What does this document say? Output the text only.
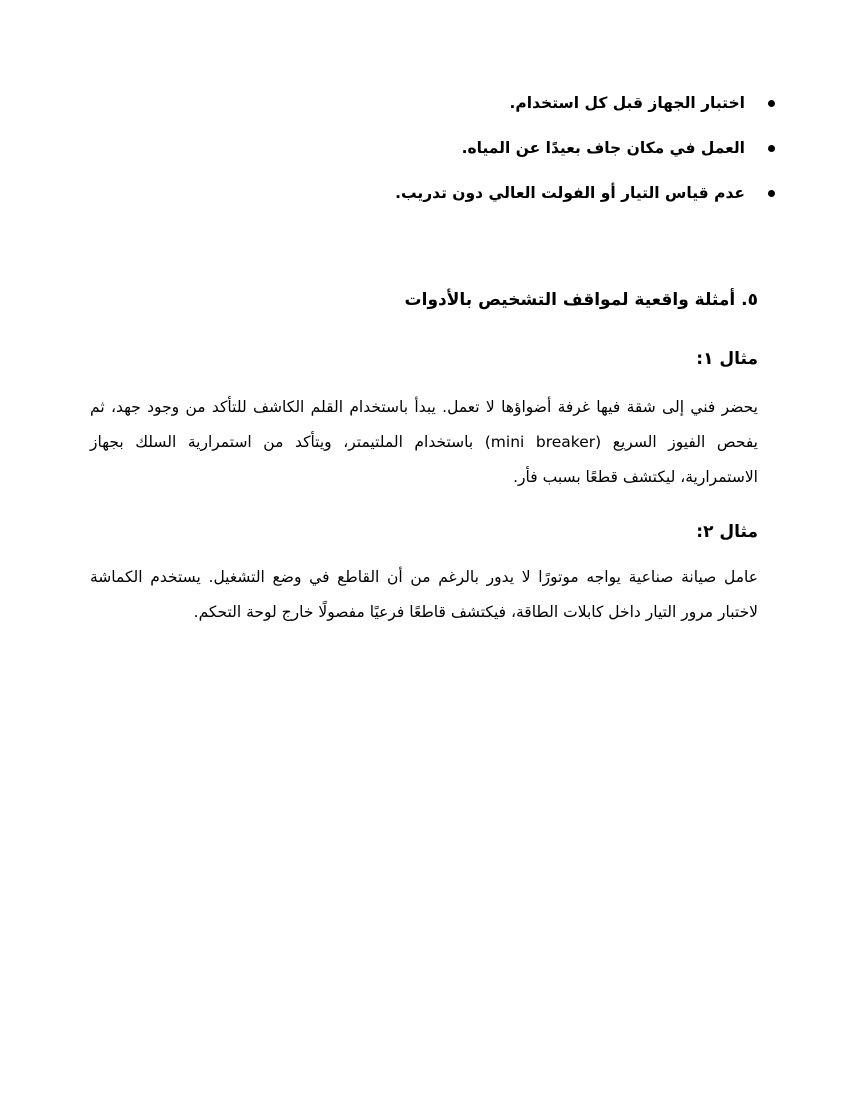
اختبار الجهاز قبل كل استخدام.
العمل في مكان جاف بعيدًا عن المياه.
عدم قياس التيار أو الفولت العالي دون تدريب.
٥. أمثلة واقعية لمواقف التشخيص بالأدوات
مثال ١:

يحضر فني إلى شقة فيها غرفة أضواؤها لا تعمل. يبدأ باستخدام القلم الكاشف للتأكد من وجود جهد، ثم يفحص الفيوز السريع (mini breaker) باستخدام الملتيمتر، ويتأكد من استمرارية السلك بجهاز الاستمرارية، ليكتشف قطعًا بسبب فأر.

مثال ٢:

عامل صيانة صناعية يواجه موتورًا لا يدور بالرغم من أن القاطع في وضع التشغيل. يستخدم الكماشة لاختبار مرور التيار داخل كابلات الطاقة، فيكتشف قاطعًا فرعيًا مفصولًا خارج لوحة التحكم.
